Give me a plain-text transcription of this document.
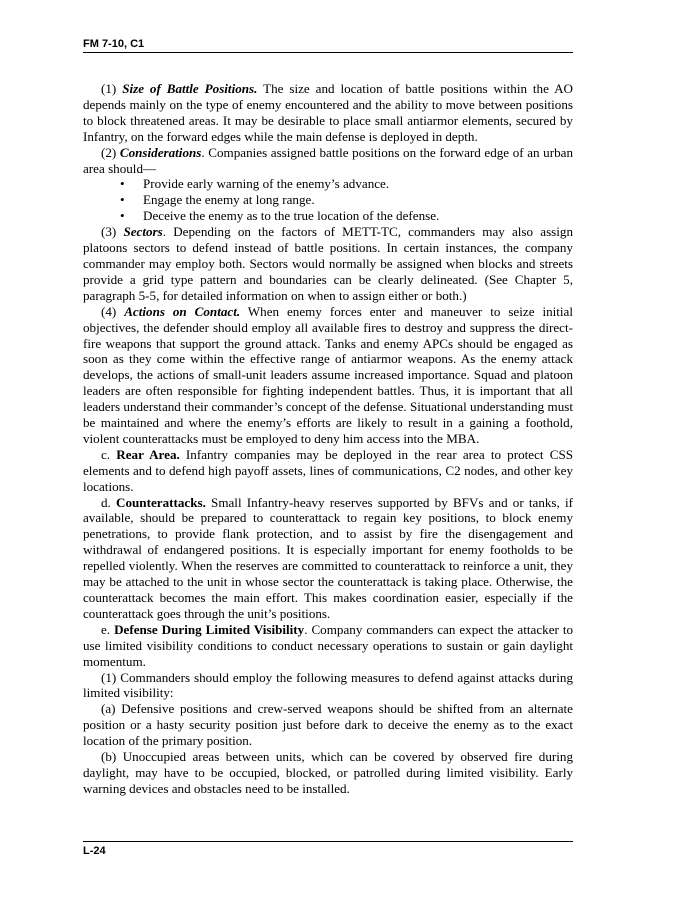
FM 7-10, C1

(1) Size of Battle Positions. The size and location of battle positions within the AO depends mainly on the type of enemy encountered and the ability to move between positions to block threatened areas. It may be desirable to place small antiarmor elements, secured by Infantry, on the forward edges while the main defense is deployed in depth.

(2) Considerations. Companies assigned battle positions on the forward edge of an urban area should—

• Provide early warning of the enemy’s advance.
• Engage the enemy at long range.
• Deceive the enemy as to the true location of the defense.

(3) Sectors. Depending on the factors of METT-TC, commanders may also assign platoons sectors to defend instead of battle positions. In certain instances, the company commander may employ both. Sectors would normally be assigned when blocks and streets provide a grid type pattern and boundaries can be clearly delineated. (See Chapter 5, paragraph 5-5, for detailed information on when to assign either or both.)

(4) Actions on Contact. When enemy forces enter and maneuver to seize initial objectives, the defender should employ all available fires to destroy and suppress the direct-fire weapons that support the ground attack. Tanks and enemy APCs should be engaged as soon as they come within the effective range of antiarmor weapons. As the enemy attack develops, the actions of small-unit leaders assume increased importance. Squad and platoon leaders are often responsible for fighting independent battles. Thus, it is important that all leaders understand their commander’s concept of the defense. Situational understanding must be maintained and where the enemy’s efforts are likely to result in a gaining a foothold, violent counterattacks must be employed to deny him access into the MBA.

c. Rear Area. Infantry companies may be deployed in the rear area to protect CSS elements and to defend high payoff assets, lines of communications, C2 nodes, and other key locations.

d. Counterattacks. Small Infantry-heavy reserves supported by BFVs and or tanks, if available, should be prepared to counterattack to regain key positions, to block enemy penetrations, to provide flank protection, and to assist by fire the disengagement and withdrawal of endangered positions. It is especially important for enemy footholds to be repelled violently. When the reserves are committed to counterattack to reinforce a unit, they may be attached to the unit in whose sector the counterattack is taking place. Otherwise, the counterattack becomes the main effort. This makes coordination easier, especially if the counterattack goes through the unit’s positions.

e. Defense During Limited Visibility. Company commanders can expect the attacker to use limited visibility conditions to conduct necessary operations to sustain or gain daylight momentum.

(1) Commanders should employ the following measures to defend against attacks during limited visibility:

(a) Defensive positions and crew-served weapons should be shifted from an alternate position or a hasty security position just before dark to deceive the enemy as to the exact location of the primary position.

(b) Unoccupied areas between units, which can be covered by observed fire during daylight, may have to be occupied, blocked, or patrolled during limited visibility. Early warning devices and obstacles need to be installed.

L-24
